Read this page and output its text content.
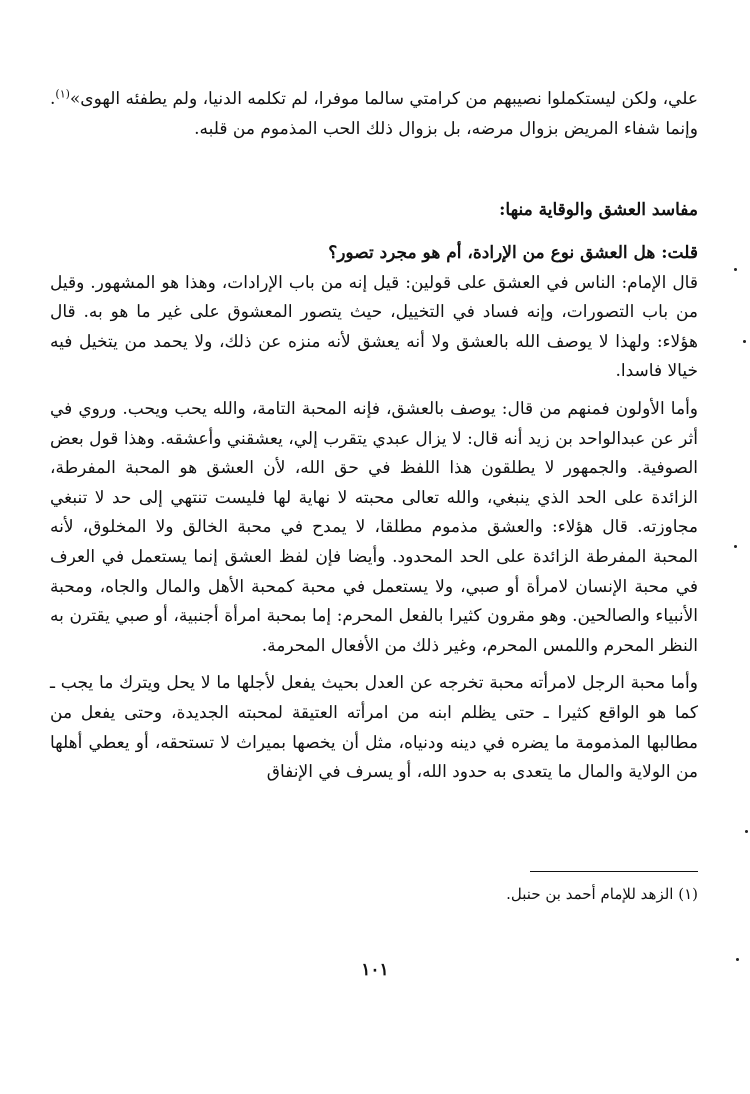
علي، ولكن ليستكملوا نصيبهم من كرامتي سالما موفرا، لم تكلمه الدنيا، ولم يطفئه الهوى»$^{(١)}$. وإنما شفاء المريض بزوال مرضه، بل بزوال ذلك الحب المذموم من قلبه.

مفاسد العشق والوقاية منها:

قلت: هل العشق نوع من الإرادة، أم هو مجرد تصور؟

قال الإمام: الناس في العشق على قولين: قيل إنه من باب الإرادات، وهذا هو المشهور. وقيل من باب التصورات، وإنه فساد في التخييل، حيث يتصور المعشوق على غير ما هو به. قال هؤلاء: ولهذا لا يوصف الله بالعشق ولا أنه يعشق لأنه منزه عن ذلك، ولا يحمد من يتخيل فيه خيالا فاسدا.

وأما الأولون فمنهم من قال: يوصف بالعشق، فإنه المحبة التامة، والله يحب ويحب. وروي في أثر عن عبدالواحد بن زيد أنه قال: لا يزال عبدي يتقرب إلي، يعشقني وأعشقه. وهذا قول بعض الصوفية. والجمهور لا يطلقون هذا اللفظ في حق الله، لأن العشق هو المحبة المفرطة، الزائدة على الحد الذي ينبغي، والله تعالى محبته لا نهاية لها فليست تنتهي إلى حد لا تنبغي مجاوزته. قال هؤلاء: والعشق مذموم مطلقا، لا يمدح في محبة الخالق ولا المخلوق، لأنه المحبة المفرطة الزائدة على الحد المحدود. وأيضا فإن لفظ العشق إنما يستعمل في العرف في محبة الإنسان لامرأة أو صبي، ولا يستعمل في محبة كمحبة الأهل والمال والجاه، ومحبة الأنبياء والصالحين. وهو مقرون كثيرا بالفعل المحرم: إما بمحبة امرأة أجنبية، أو صبي يقترن به النظر المحرم واللمس المحرم، وغير ذلك من الأفعال المحرمة.

وأما محبة الرجل لامرأته محبة تخرجه عن العدل بحيث يفعل لأجلها ما لا يحل ويترك ما يجب ـ كما هو الواقع كثيرا ـ حتى يظلم ابنه من امرأته العتيقة لمحبته الجديدة، وحتى يفعل من مطالبها المذمومة ما يضره في دينه ودنياه، مثل أن يخصها بميراث لا تستحقه، أو يعطي أهلها من الولاية والمال ما يتعدى به حدود الله، أو يسرف في الإنفاق

(١) الزهد للإمام أحمد بن حنبل.

١٠١
